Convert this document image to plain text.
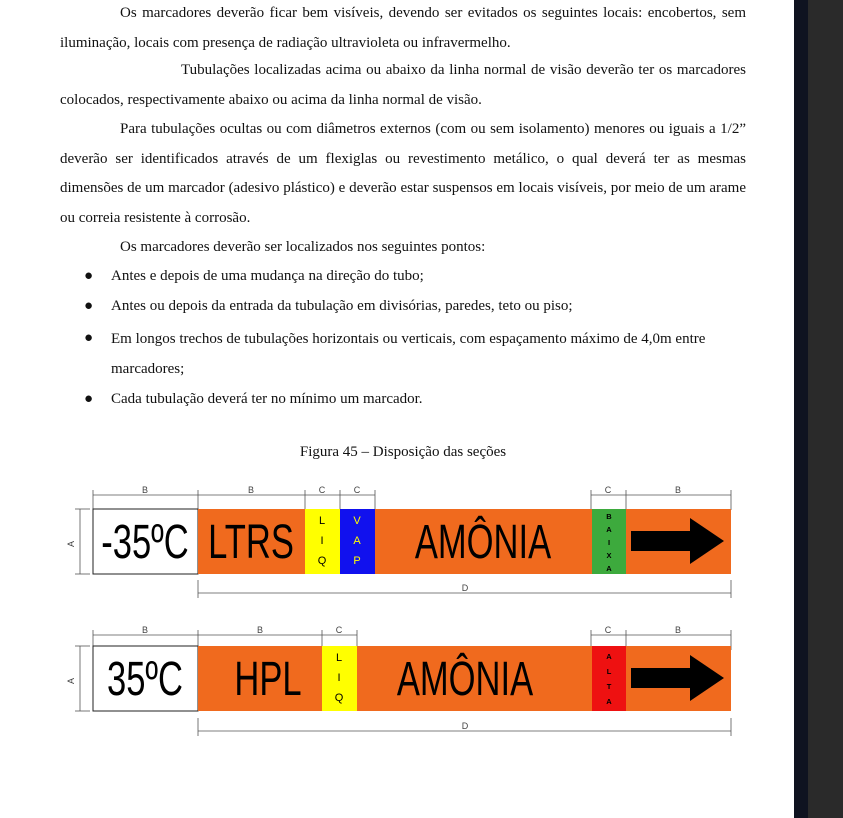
Os marcadores deverão ficar bem visíveis, devendo ser evitados os seguintes locais: encobertos, sem iluminação, locais com presença de radiação ultravioleta ou infravermelho.

Tubulações localizadas acima ou abaixo da linha normal de visão deverão ter os marcadores colocados, respectivamente abaixo ou acima da linha normal de visão.

Para tubulações ocultas ou com diâmetros externos (com ou sem isolamento) menores ou iguais a 1/2” deverão ser identificados através de um flexiglas ou revestimento metálico, o qual deverá ter as mesmas dimensões de um marcador (adesivo plástico) e deverão estar suspensos em locais visíveis, por meio de um arame ou correia resistente à corrosão.

Os marcadores deverão ser localizados nos seguintes pontos:

● Antes e depois de uma mudança na direção do tubo;

● Antes ou depois da entrada da tubulação em divisórias, paredes, teto ou piso;

● Em longos trechos de tubulações horizontais ou verticais, com espaçamento máximo de 4,0m entre marcadores;

● Cada tubulação deverá ter no mínimo um marcador.

Figura 45 – Disposição das seções
B	B	C	C	C	B
A
D
-35ºC LTRS L
I
Q
V
A
P AMÔNIA	B
A
I
X
A
B	B	C	C	B
A
D
35ºC HPL	L
I
Q AMÔNIA	A
L
T
A
